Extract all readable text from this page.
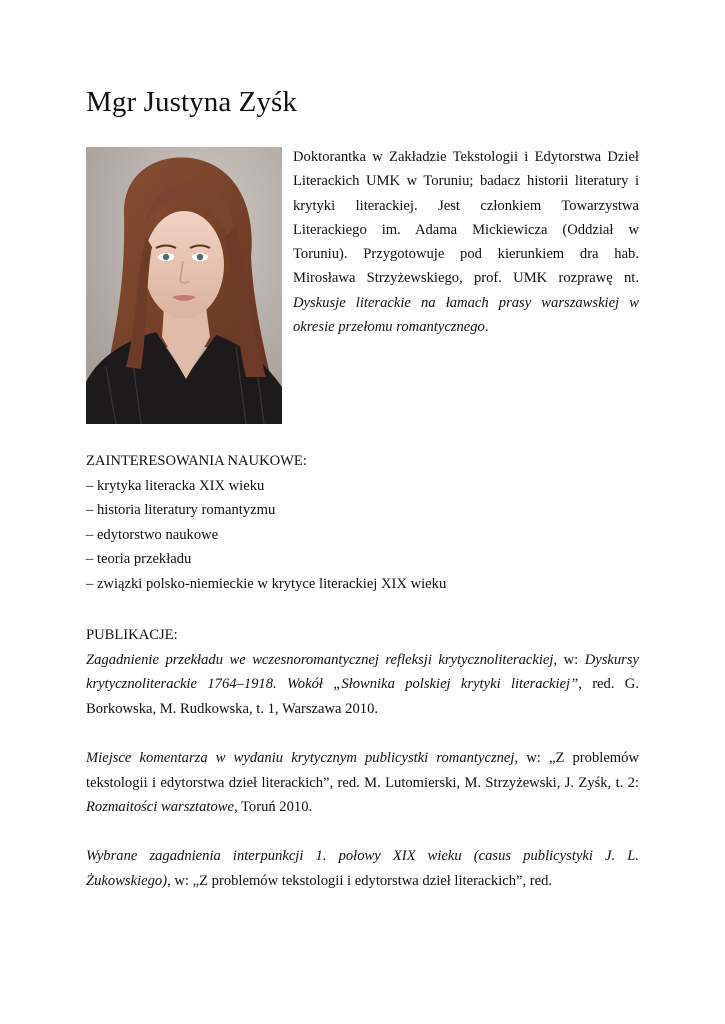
Mgr Justyna Zyśk

Doktorantka w Zakładzie Tekstologii i Edytorstwa Dzieł Literackich UMK w Toruniu; badacz historii literatury i krytyki literackiej. Jest członkiem Towarzystwa Literackiego im. Adama Mickiewicza (Oddział w Toruniu). Przygotowuje pod kierunkiem dra hab. Mirosława Strzyżewskiego, prof. UMK rozprawę nt. Dyskusje literackie na łamach prasy warszawskiej w okresie przełomu romantycznego.

ZAINTERESOWANIA NAUKOWE:
– krytyka literacka XIX wieku
– historia literatury romantyzmu
– edytorstwo naukowe
– teoria przekładu
– związki polsko-niemieckie w krytyce literackiej XIX wieku
PUBLIKACJE:
Zagadnienie przekładu we wczesnoromantycznej refleksji krytycznoliterackiej, w: Dyskursy krytycznoliterackie 1764–1918. Wokół „Słownika polskiej krytyki literackiej”, red. G. Borkowska, M. Rudkowska, t. 1, Warszawa 2010.
Miejsce komentarza w wydaniu krytycznym publicystki romantycznej, w: „Z problemów tekstologii i edytorstwa dzieł literackich”, red. M. Lutomierski, M. Strzyżewski, J. Zyśk, t. 2: Rozmaitości warsztatowe, Toruń 2010.
Wybrane zagadnienia interpunkcji 1. połowy XIX wieku (casus publicystyki J. L. Żukowskiego), w: „Z problemów tekstologii i edytorstwa dzieł literackich”, red.
